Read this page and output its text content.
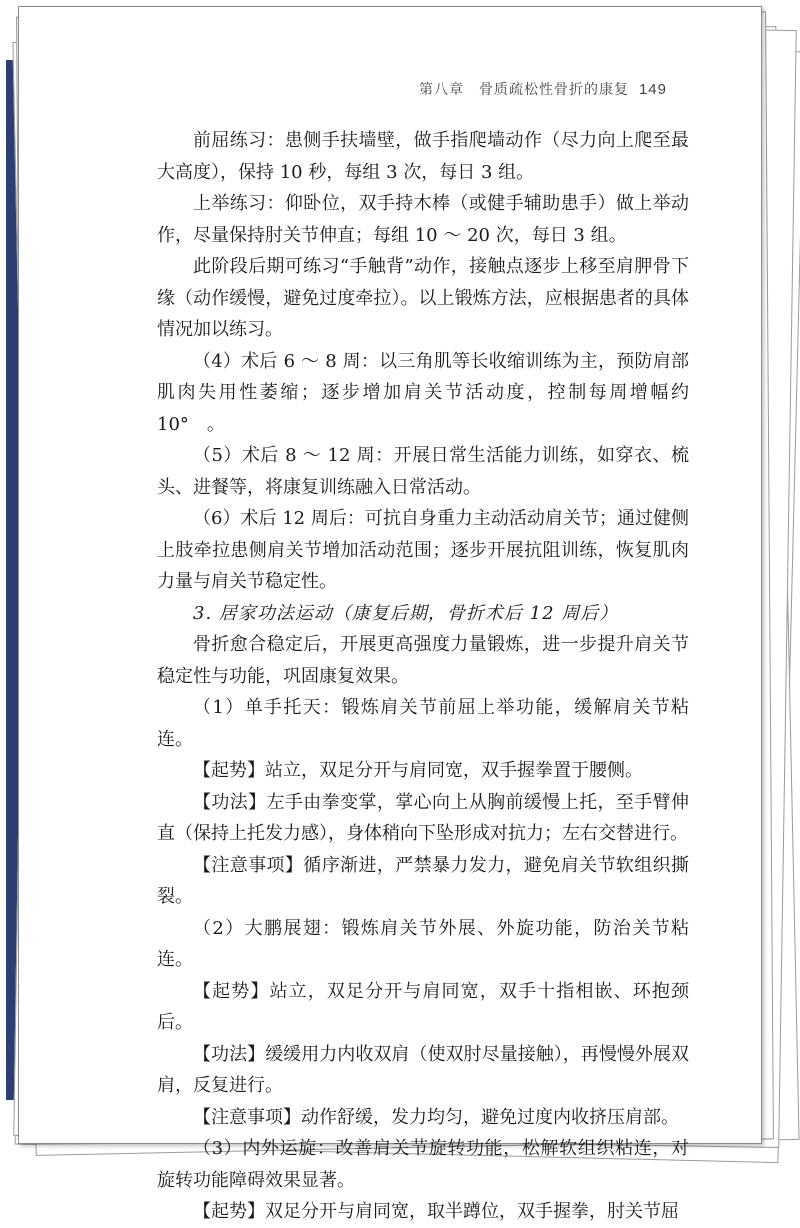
第八章　骨质疏松性骨折的康复 149

前屈练习：患侧手扶墙壁，做手指爬墙动作（尽力向上爬至最大高度），保持 10 秒，每组 3 次，每日 3 组。

上举练习：仰卧位，双手持木棒（或健手辅助患手）做上举动作，尽量保持肘关节伸直；每组 10 ～ 20 次，每日 3 组。

此阶段后期可练习“手触背”动作，接触点逐步上移至肩胛骨下缘（动作缓慢，避免过度牵拉）。以上锻炼方法，应根据患者的具体情况加以练习。

（4）术后 6 ～ 8 周：以三角肌等长收缩训练为主，预防肩部肌肉失用性萎缩；逐步增加肩关节活动度，控制每周增幅约 10°　。

（5）术后 8 ～ 12 周：开展日常生活能力训练，如穿衣、梳头、进餐等，将康复训练融入日常活动。

（6）术后 12 周后：可抗自身重力主动活动肩关节；通过健侧上肢牵拉患侧肩关节增加活动范围；逐步开展抗阻训练，恢复肌肉力量与肩关节稳定性。

3. 居家功法运动（康复后期，骨折术后 12 周后）

骨折愈合稳定后，开展更高强度力量锻炼，进一步提升肩关节稳定性与功能，巩固康复效果。

（1）单手托天：锻炼肩关节前屈上举功能，缓解肩关节粘连。

【起势】站立，双足分开与肩同宽，双手握拳置于腰侧。

【功法】左手由拳变掌，掌心向上从胸前缓慢上托，至手臂伸直（保持上托发力感），身体稍向下坠形成对抗力；左右交替进行。

【注意事项】循序渐进，严禁暴力发力，避免肩关节软组织撕裂。

（2）大鹏展翅：锻炼肩关节外展、外旋功能，防治关节粘连。

【起势】站立，双足分开与肩同宽，双手十指相嵌、环抱颈后。

【功法】缓缓用力内收双肩（使双肘尽量接触），再慢慢外展双肩，反复进行。

【注意事项】动作舒缓，发力均匀，避免过度内收挤压肩部。

（3）内外运旋：改善肩关节旋转功能，松解软组织粘连，对旋转功能障碍效果显著。

【起势】双足分开与肩同宽，取半蹲位，双手握拳，肘关节屈
